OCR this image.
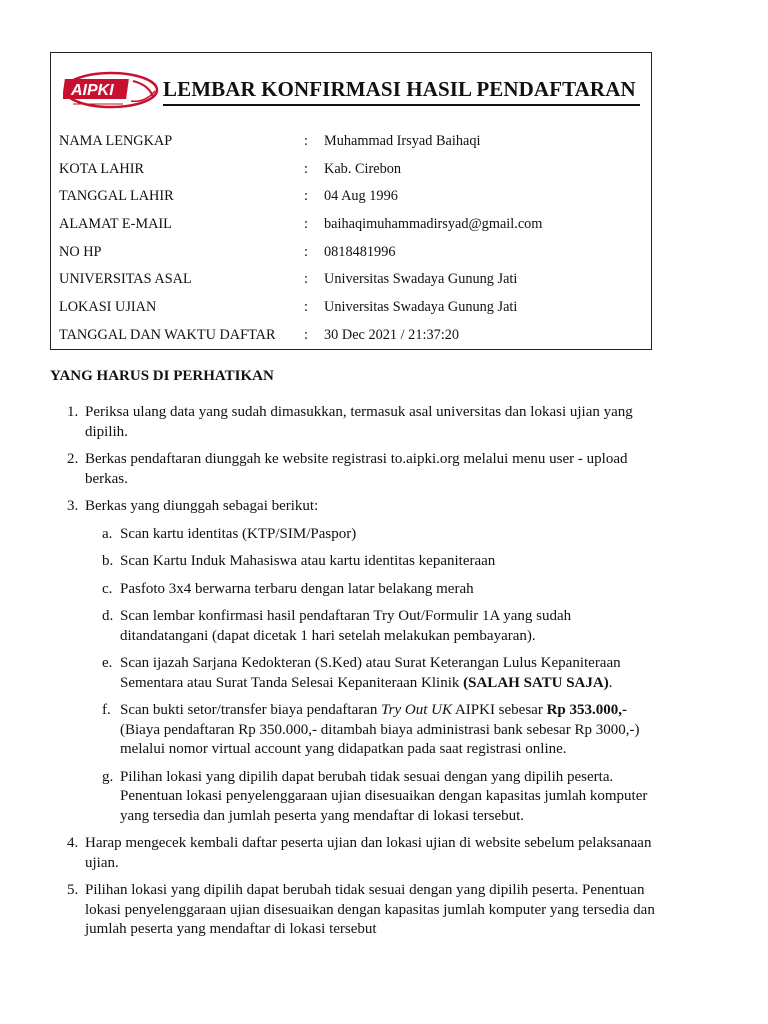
AIPKI LEMBAR KONFIRMASI HASIL PENDAFTARAN
NAMA LENGKAP	: Muhammad Irsyad Baihaqi
KOTA LAHIR	: Kab. Cirebon
TANGGAL LAHIR	: 04 Aug 1996
ALAMAT E-MAIL	: baihaqimuhammadirsyad@gmail.com
NO HP	: 0818481996
UNIVERSITAS ASAL	: Universitas Swadaya Gunung Jati
LOKASI UJIAN	: Universitas Swadaya Gunung Jati
TANGGAL DAN WAKTU DAFTAR : 30 Dec 2021 / 21:37:20
YANG HARUS DI PERHATIKAN
1. Periksa ulang data yang sudah dimasukkan, termasuk asal universitas dan lokasi ujian yang dipilih.
2. Berkas pendaftaran diunggah ke website registrasi to.aipki.org melalui menu user - upload berkas.
3. Berkas yang diunggah sebagai berikut:
a. Scan kartu identitas (KTP/SIM/Paspor)
b. Scan Kartu Induk Mahasiswa atau kartu identitas kepaniteraan
c. Pasfoto 3x4 berwarna terbaru dengan latar belakang merah
d. Scan lembar konfirmasi hasil pendaftaran Try Out/Formulir 1A yang sudah ditandatangani (dapat dicetak 1 hari setelah melakukan pembayaran).
e. Scan ijazah Sarjana Kedokteran (S.Ked) atau Surat Keterangan Lulus Kepaniteraan Sementara atau Surat Tanda Selesai Kepaniteraan Klinik (SALAH SATU SAJA).
f. Scan bukti setor/transfer biaya pendaftaran Try Out UK AIPKI sebesar Rp 353.000,- (Biaya pendaftaran Rp 350.000,- ditambah biaya administrasi bank sebesar Rp 3000,-) melalui nomor virtual account yang didapatkan pada saat registrasi online.
g. Pilihan lokasi yang dipilih dapat berubah tidak sesuai dengan yang dipilih peserta. Penentuan lokasi penyelenggaraan ujian disesuaikan dengan kapasitas jumlah komputer yang tersedia dan jumlah peserta yang mendaftar di lokasi tersebut.
4. Harap mengecek kembali daftar peserta ujian dan lokasi ujian di website sebelum pelaksanaan ujian.
5. Pilihan lokasi yang dipilih dapat berubah tidak sesuai dengan yang dipilih peserta. Penentuan lokasi penyelenggaraan ujian disesuaikan dengan kapasitas jumlah komputer yang tersedia dan jumlah peserta yang mendaftar di lokasi tersebut
